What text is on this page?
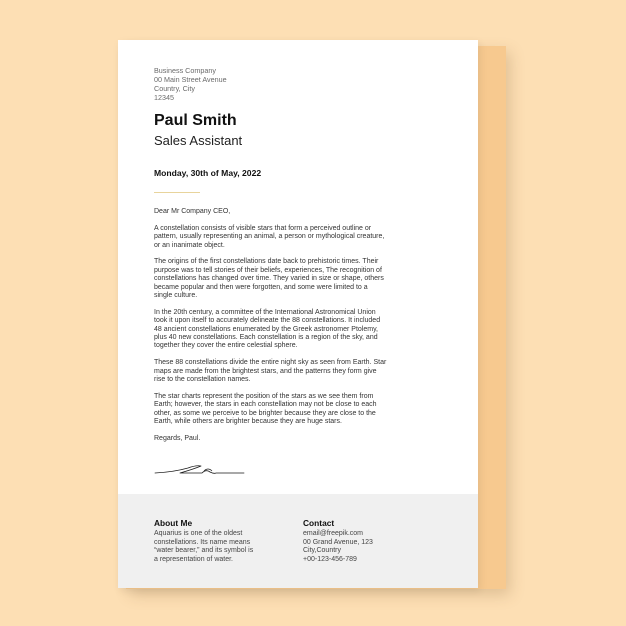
Business Company
00 Main Street Avenue
Country, City
12345
Paul Smith
Sales Assistant
Monday, 30th of May, 2022

Dear Mr Company CEO,

A constellation consists of visible stars that form a perceived outline or
pattern, usually representing an animal, a person or mythological creature,
or an inanimate object.

The origins of the first constellations date back to prehistoric times. Their
purpose was to tell stories of their beliefs, experiences, The recognition of
constellations has changed over time. They varied in size or shape, others
became popular and then were forgotten, and some were limited to a
single culture.

In the 20th century, a committee of the International Astronomical Union
took it upon itself to accurately delineate the 88 constellations. It included
48 ancient constellations enumerated by the Greek astronomer Ptolemy,
plus 40 new constellations. Each constellation is a region of the sky, and
together they cover the entire celestial sphere.

These 88 constellations divide the entire night sky as seen from Earth. Star
maps are made from the brightest stars, and the patterns they form give
rise to the constellation names.

The star charts represent the position of the stars as we see them from
Earth; however, the stars in each constellation may not be close to each
other, as some we perceive to be brighter because they are close to the
Earth, while others are brighter because they are huge stars.

Regards, Paul.

About Me
Aquarius is one of the oldest
constellations. Its name means
“water bearer,” and its symbol is
a representation of water.
Contact
email@freepik.com
00 Grand Avenue, 123
City,Country
+00-123-456-789
